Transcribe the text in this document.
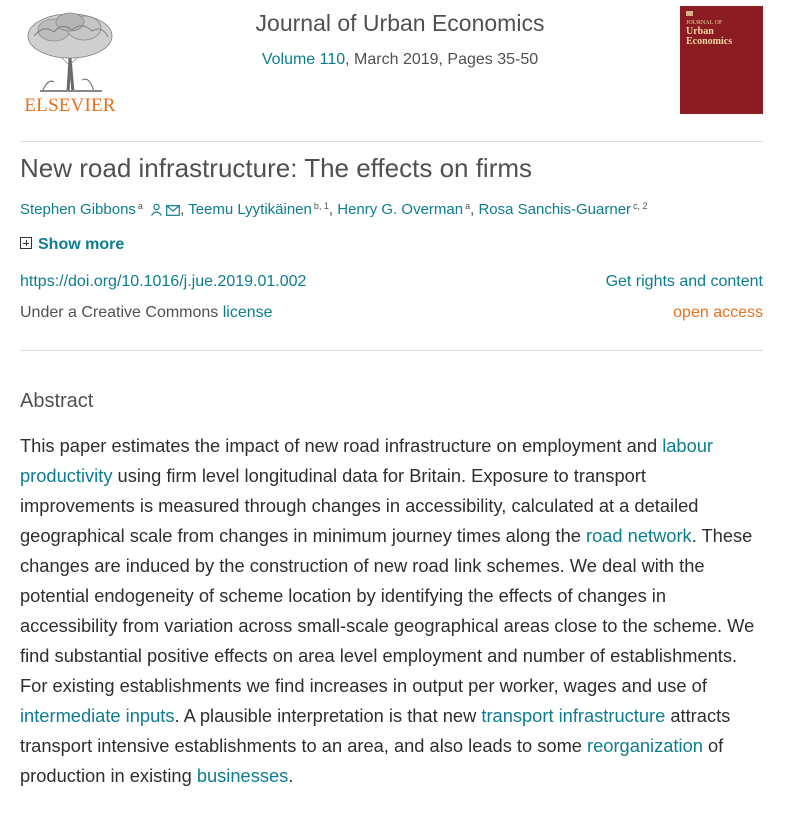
ELSEVIER
Journal of Urban Economics
Volume 110, March 2019, Pages 35-50
JOURNAL OF
Urban
Economics
New road infrastructure: The effects on firms
Stephen Gibbons $^a$ , Teemu Lyytikäinen $^{b, 1}$, Henry G. Overman $^a$, Rosa Sanchis-Guarner $^{c, 2}$
Show more
https://doi.org/10.1016/j.jue.2019.01.002	Get rights and content
Under a Creative Commons license	open access
Abstract

This paper estimates the impact of new road infrastructure on employment and labour productivity using firm level longitudinal data for Britain. Exposure to transport improvements is measured through changes in accessibility, calculated at a detailed geographical scale from changes in minimum journey times along the road network. These changes are induced by the construction of new road link schemes. We deal with the potential endogeneity of scheme location by identifying the effects of changes in accessibility from variation across small-scale geographical areas close to the scheme. We find substantial positive effects on area level employment and number of establishments. For existing establishments we find increases in output per worker, wages and use of intermediate inputs. A plausible interpretation is that new transport infrastructure attracts transport intensive establishments to an area, and also leads to some reorganization of production in existing businesses.
